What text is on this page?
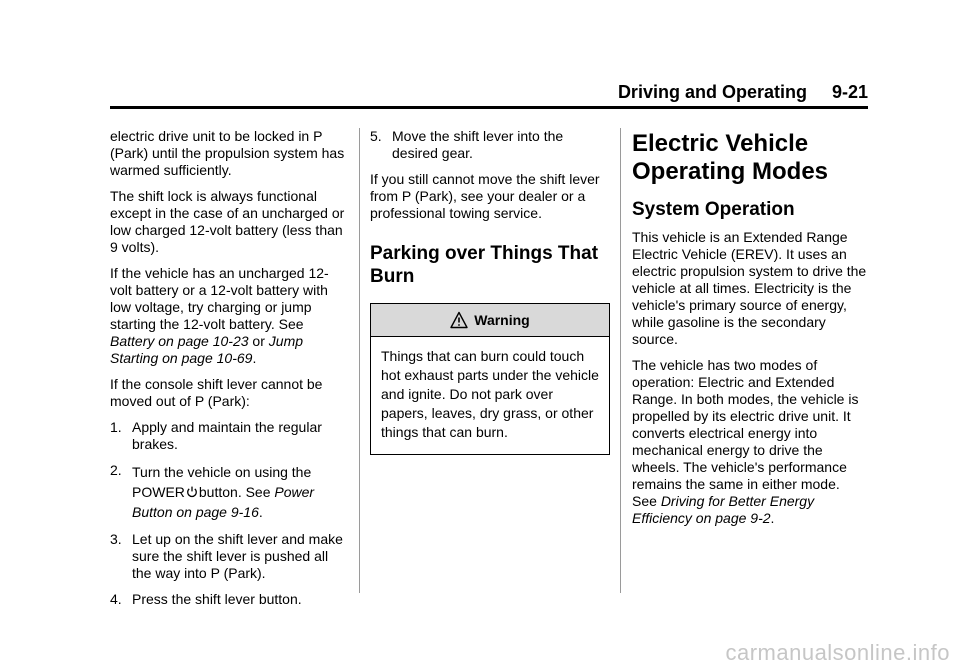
Driving and Operating     9-21

electric drive unit to be locked in P (Park) until the propulsion system has warmed sufficiently.

The shift lock is always functional except in the case of an uncharged or low charged 12-volt battery (less than 9 volts).

If the vehicle has an uncharged 12-volt battery or a 12-volt battery with low voltage, try charging or jump starting the 12-volt battery. See Battery on page 10-23 or Jump Starting on page 10-69.

If the console shift lever cannot be moved out of P (Park):

1. Apply and maintain the regular brakes.
2. Turn the vehicle on using the POWER button. See Power Button on page 9-16.
3. Let up on the shift lever and make sure the shift lever is pushed all the way into P (Park).
4. Press the shift lever button.
5. Move the shift lever into the desired gear.

If you still cannot move the shift lever from P (Park), see your dealer or a professional towing service.

Parking over Things That Burn
Warning
Things that can burn could touch hot exhaust parts under the vehicle and ignite. Do not park over papers, leaves, dry grass, or other things that can burn.
Electric Vehicle Operating Modes
System Operation

This vehicle is an Extended Range Electric Vehicle (EREV). It uses an electric propulsion system to drive the vehicle at all times. Electricity is the vehicle's primary source of energy, while gasoline is the secondary source.

The vehicle has two modes of operation: Electric and Extended Range. In both modes, the vehicle is propelled by its electric drive unit. It converts electrical energy into mechanical energy to drive the wheels. The vehicle's performance remains the same in either mode. See Driving for Better Energy Efficiency on page 9-2.

carmanualsonline.info
